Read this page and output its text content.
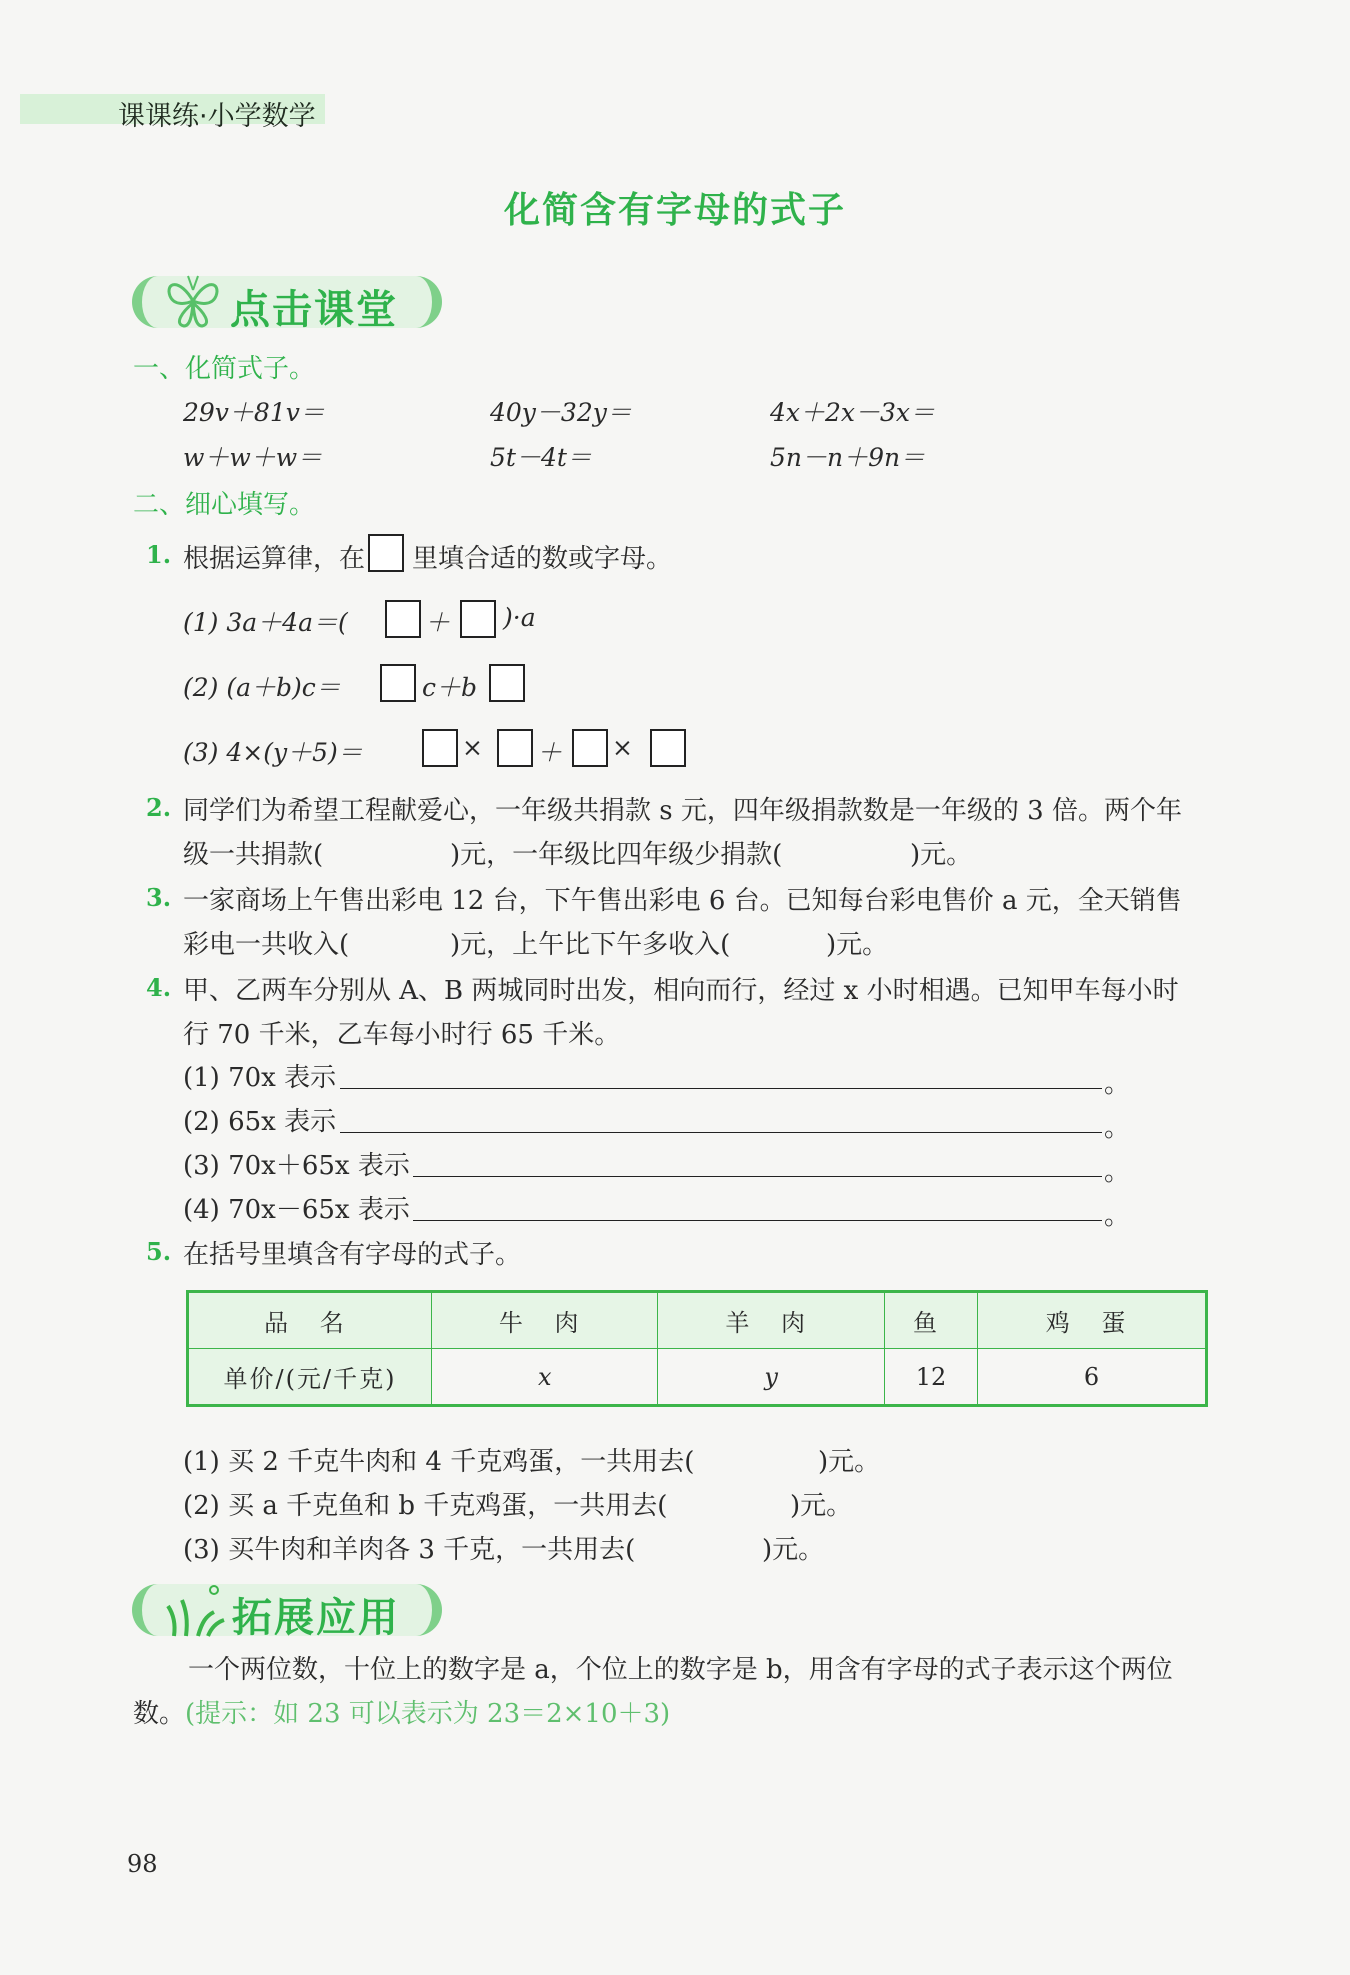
课课练·小学数学
化简含有字母的式子
点击课堂
一、化简式子。
29v＋81v＝	40y－32y＝	4x＋2x－3x＝
w＋w＋w＝	5t－4t＝	5n－n＋9n＝
二、细心填写。
1. 根据运算律，在 里填合适的数或字母。
(1) 3a＋4a＝(	＋ )·a
(2) (a＋b)c＝	c＋b
(3) 4×(y＋5)＝	× ＋ ×
2. 同学们为希望工程献爱心，一年级共捐款 s 元，四年级捐款数是一年级的 3 倍。两个年
级一共捐款(	)元，一年级比四年级少捐款(	)元。
3. 一家商场上午售出彩电 12 台，下午售出彩电 6 台。已知每台彩电售价 a 元，全天销售
彩电一共收入(	)元，上午比下午多收入(	)元。
4. 甲、乙两车分别从 A、B 两城同时出发，相向而行，经过 x 小时相遇。已知甲车每小时
行 70 千米，乙车每小时行 65 千米。
(1) 70x 表示	。
(2) 65x 表示	。
(3) 70x＋65x 表示	。
(4) 70x－65x 表示	。
5. 在括号里填含有字母的式子。
品 名	牛 肉	羊 肉	鱼	鸡 蛋
单价/(元/千克)	x	y	12	6
(1) 买 2 千克牛肉和 4 千克鸡蛋，一共用去(	)元。
(2) 买 a 千克鱼和 b 千克鸡蛋，一共用去(	)元。
(3) 买牛肉和羊肉各 3 千克，一共用去(	)元。
拓展应用
一个两位数，十位上的数字是 a，个位上的数字是 b，用含有字母的式子表示这个两位
数。 (提示：如 23 可以表示为 23＝2×10＋3)
98
